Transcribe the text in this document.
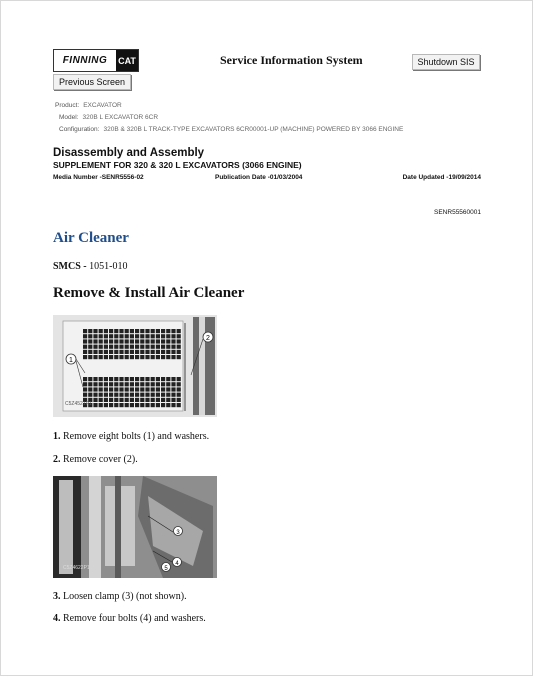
FINNING	CAT	Service Information System	Shutdown SIS
Previous Screen
Product: EXCAVATOR
Model: 320B L EXCAVATOR 6CR
Configuration: 320B & 320B L TRACK-TYPE EXCAVATORS 6CR00001-UP (MACHINE) POWERED BY 3066 ENGINE
Disassembly and Assembly
SUPPLEMENT FOR 320 & 320 L EXCAVATORS (3066 ENGINE)
Media Number -SENR5556-02	Publication Date -01/03/2004	Date Updated -19/09/2014
SENR55560001
Air Cleaner
SMCS - 1051-010
Remove & Install Air Cleaner
1
2
C5Z4521P1
1. Remove eight bolts (1) and washers.
2. Remove cover (2).
3
4
5
C5Z4622P1
3. Loosen clamp (3) (not shown).
4. Remove four bolts (4) and washers.
